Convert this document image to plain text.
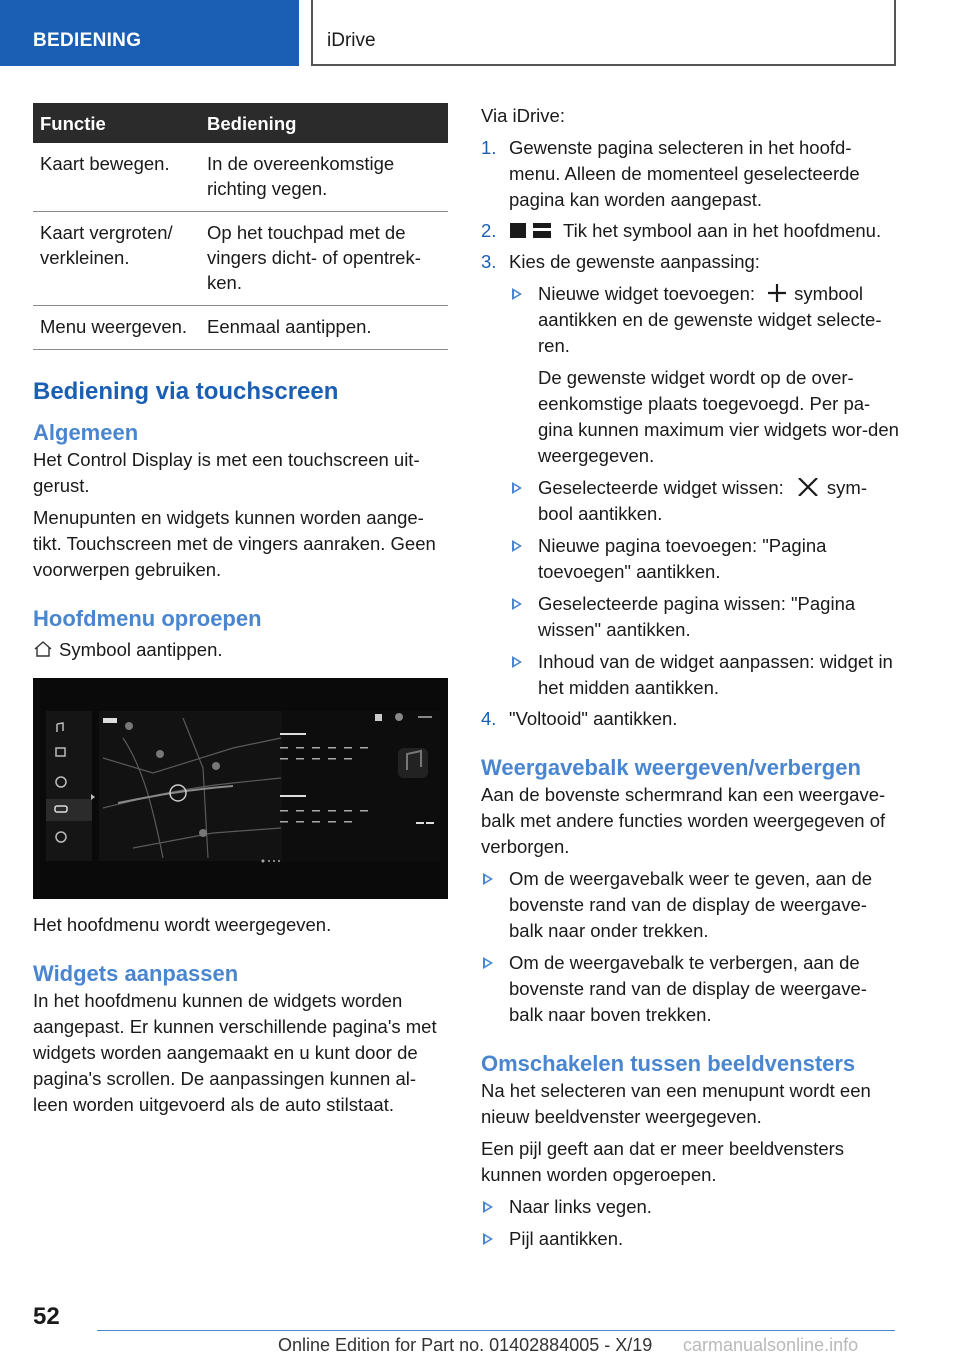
BEDIENING	iDrive
Functie	Bediening
Kaart bewegen.	In de overeenkomstige richting vegen.
Kaart vergroten/ verkleinen.	Op het touchpad met de vingers dicht- of opentrek-ken.
Menu weergeven.	Eenmaal aantippen.
Bediening via touchscreen
Algemeen

Het Control Display is met een touchscreen uit-gerust.

Menupunten en widgets kunnen worden aange-tikt. Touchscreen met de vingers aanraken. Geen voorwerpen gebruiken.

Hoofdmenu oproepen

Symbool aantippen.

Het hoofdmenu wordt weergegeven.

Widgets aanpassen

In het hoofdmenu kunnen de widgets worden aangepast. Er kunnen verschillende pagina's met widgets worden aangemaakt en u kunt door de pagina's scrollen. De aanpassingen kunnen al-leen worden uitgevoerd als de auto stilstaat.

Via iDrive:

1. Gewenste pagina selecteren in het hoofd-menu. Alleen de momenteel geselecteerde pagina kan worden aangepast.
2.	Tik het symbool aan in het hoofdmenu.
3. Kies de gewenste aanpassing:
Nieuwe widget toevoegen: symbool aantikken en de gewenste widget selecte-ren.

De gewenste widget wordt op de over-eenkomstige plaats toegevoegd. Per pa-gina kunnen maximum vier widgets wor-den weergegeven.

Geselecteerde widget wissen: sym-bool aantikken.
Nieuwe pagina toevoegen: "Pagina toevoegen" aantikken.
Geselecteerde pagina wissen: "Pagina wissen" aantikken.
Inhoud van de widget aanpassen: widget in het midden aantikken.
4. "Voltooid" aantikken.
Weergavebalk weergeven/verbergen

Aan de bovenste schermrand kan een weergave-balk met andere functies worden weergegeven of verborgen.

Om de weergavebalk weer te geven, aan de bovenste rand van de display de weergave-balk naar onder trekken.
Om de weergavebalk te verbergen, aan de bovenste rand van de display de weergave-balk naar boven trekken.
Omschakelen tussen beeldvensters

Na het selecteren van een menupunt wordt een nieuw beeldvenster weergegeven.

Een pijl geeft aan dat er meer beeldvensters kunnen worden opgeroepen.

Naar links vegen.
Pijl aantikken.
52
Online Edition for Part no. 01402884005 - X/19 carmanualsonline.info
